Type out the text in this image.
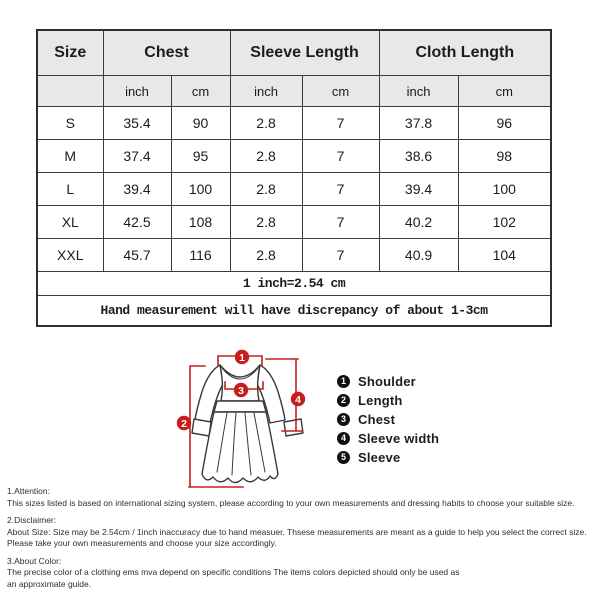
Size	Chest		Sleeve Length		Cloth Length	
	inch	cm	inch	cm	inch	cm
S	35.4	90	2.8	7	37.8	96
M	37.4	95	2.8	7	38.6	98
L	39.4	100	2.8	7	39.4	100
XL	42.5	108	2.8	7	40.2	102
XXL	45.7	116	2.8	7	40.9	104
1 inch=2.54 cm						
Hand measurement will have discrepancy of about 1-3cm						
1
2
3
4
1 Shoulder
2 Length
3 Chest
4 Sleeve width
5 Sleeve
1.Attention:
This sizes listed is based on international sizing system, please according to your own measurements and dressing habits to choose your suitable size.
2.Disclaimer:
About Size: Size may be 2.54cm / 1inch inaccuracy due to hand measuer. Thsese measurements are meant as a guide to help you select the correct size.
Please take your own measurements and choose your size accordingly.
3.About Color:
The precise color of a clothing ems mva depend on specific conditions The items colors depicted should only be used as
an approximate guide.
